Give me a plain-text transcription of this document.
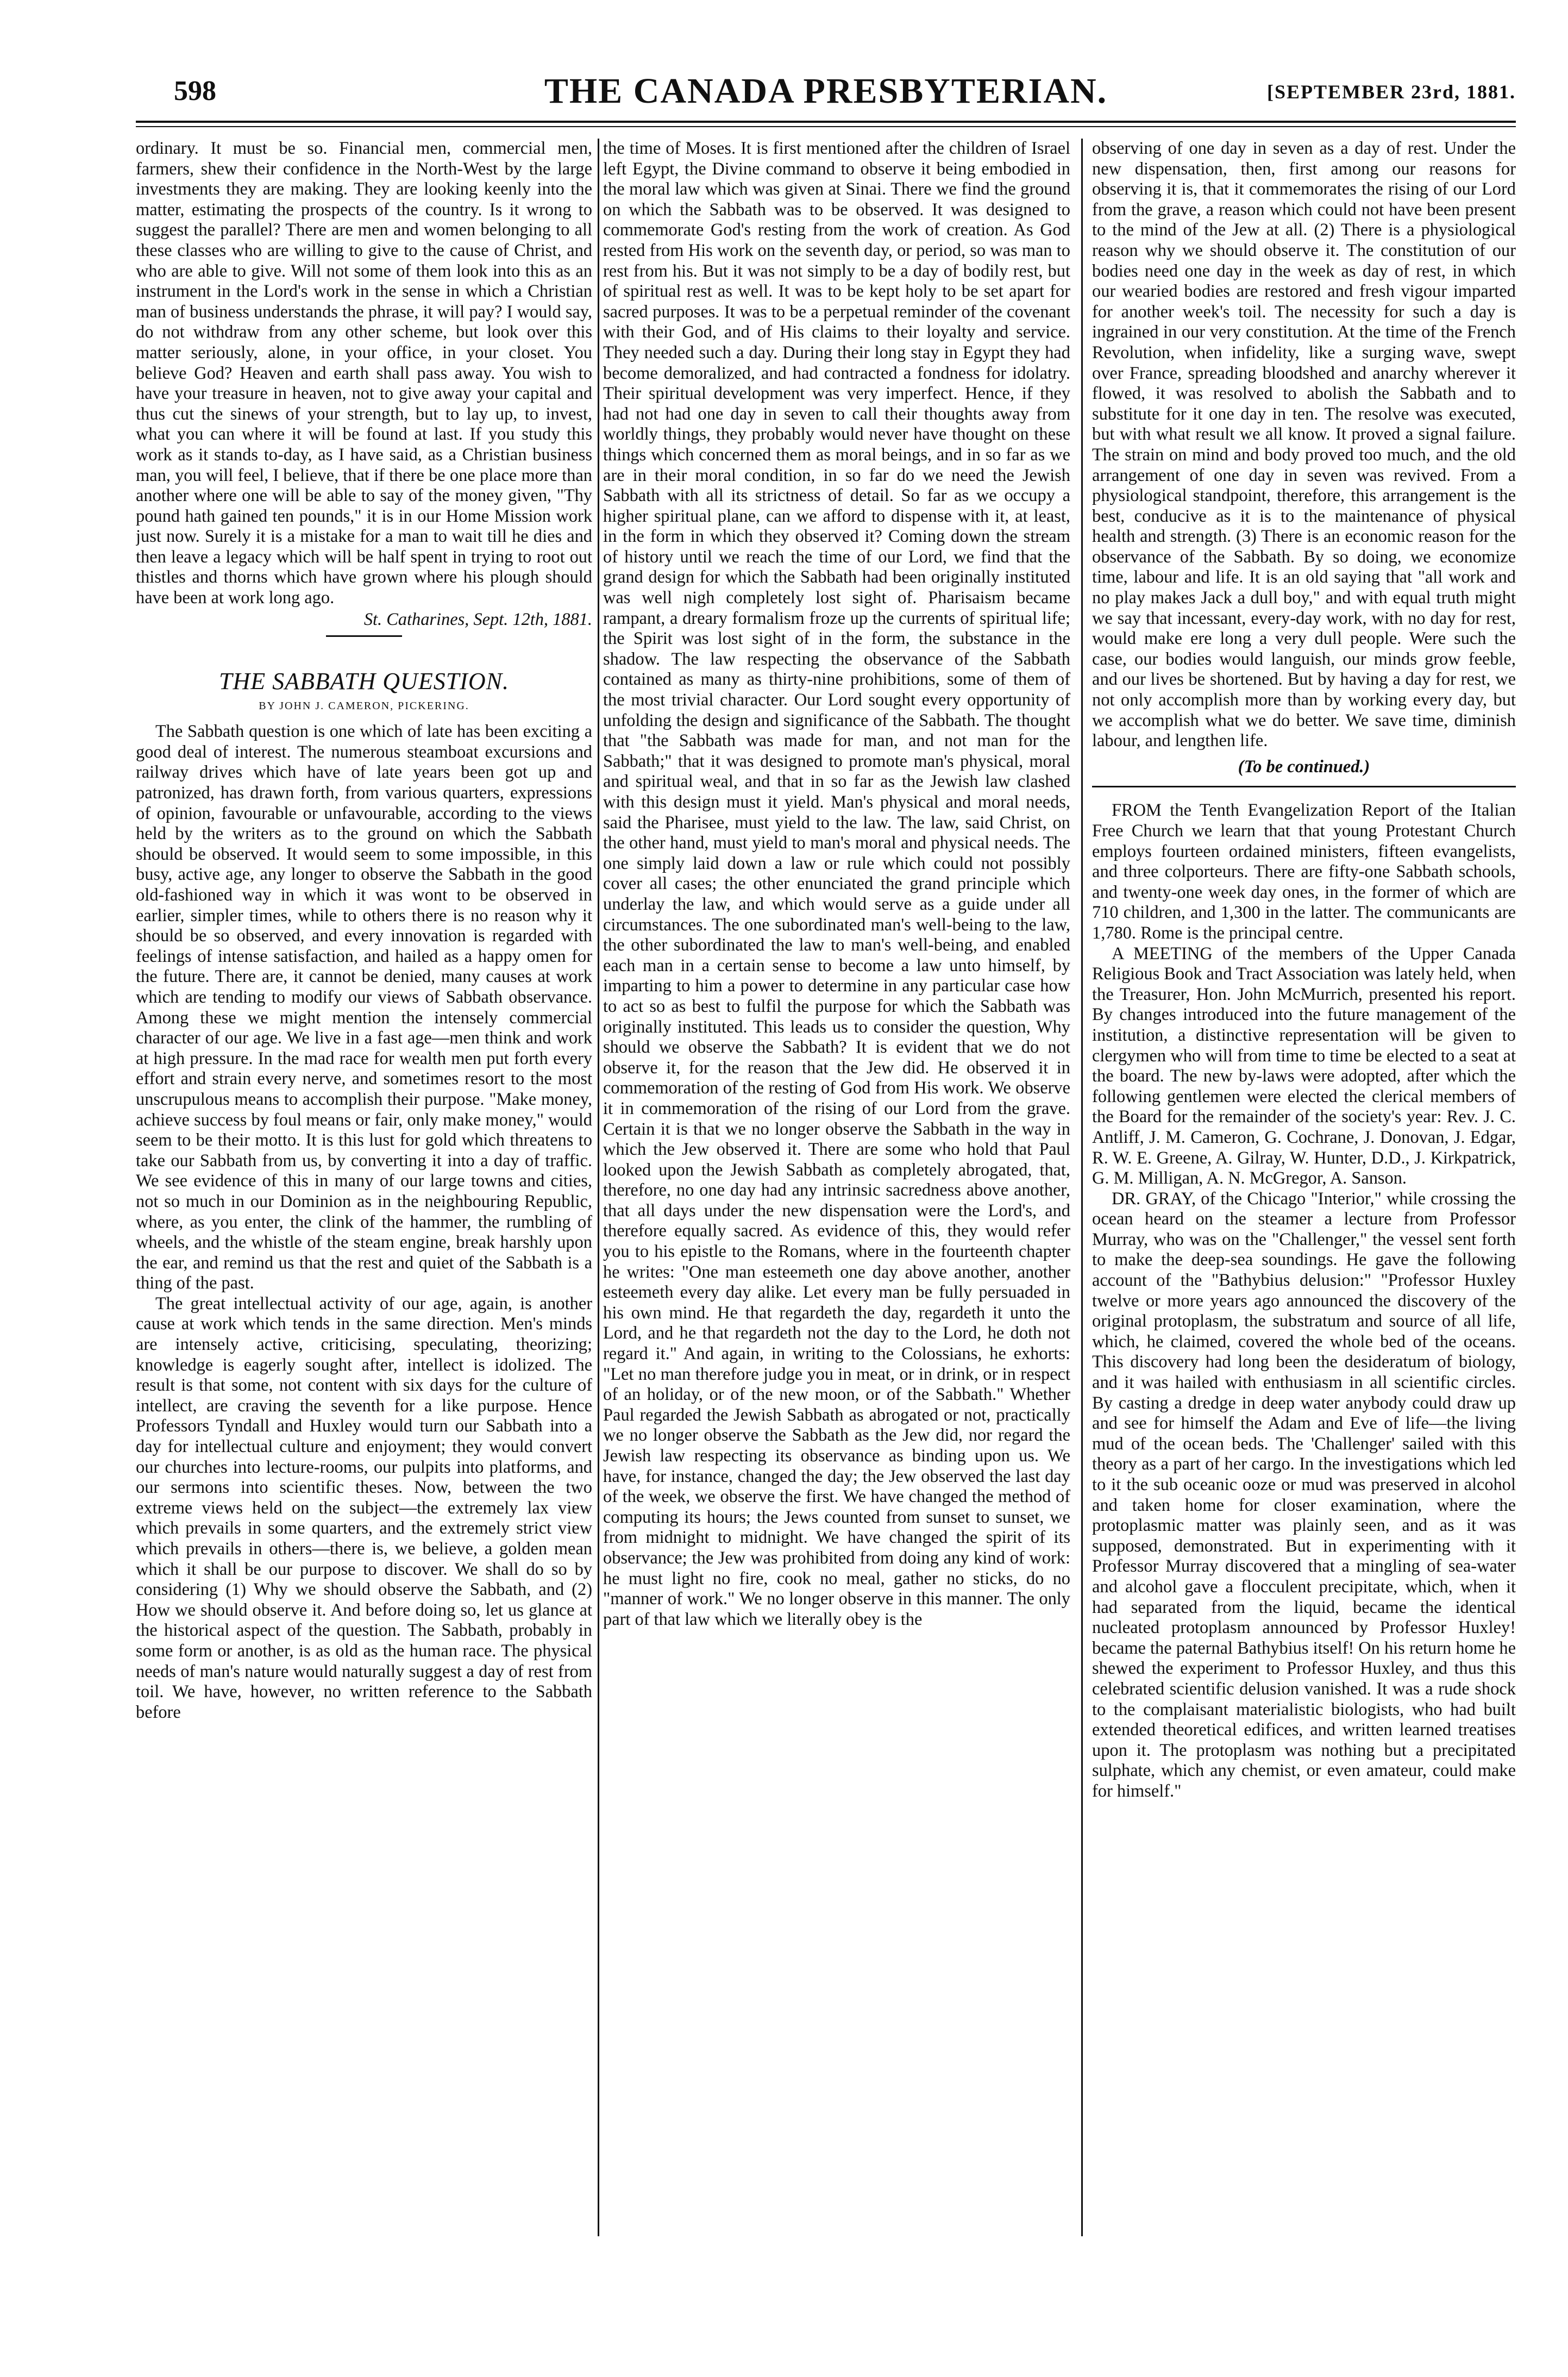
598	THE CANADA PRESBYTERIAN.	[SEPTEMBER 23rd, 1881.

ordinary. It must be so. Financial men, commercial men, farmers, shew their confidence in the North-West by the large investments they are making. They are looking keenly into the matter, estimating the prospects of the country. Is it wrong to suggest the parallel? There are men and women belonging to all these classes who are willing to give to the cause of Christ, and who are able to give. Will not some of them look into this as an instrument in the Lord's work in the sense in which a Christian man of business understands the phrase, it will pay? I would say, do not withdraw from any other scheme, but look over this matter seriously, alone, in your office, in your closet. You believe God? Heaven and earth shall pass away. You wish to have your treasure in heaven, not to give away your capital and thus cut the sinews of your strength, but to lay up, to invest, what you can where it will be found at last. If you study this work as it stands to-day, as I have said, as a Christian business man, you will feel, I believe, that if there be one place more than another where one will be able to say of the money given, "Thy pound hath gained ten pounds," it is in our Home Mission work just now. Surely it is a mistake for a man to wait till he dies and then leave a legacy which will be half spent in trying to root out thistles and thorns which have grown where his plough should have been at work long ago.

St. Catharines, Sept. 12th, 1881.
THE SABBATH QUESTION.
BY JOHN J. CAMERON, PICKERING.

The Sabbath question is one which of late has been exciting a good deal of interest. The numerous steamboat excursions and railway drives which have of late years been got up and patronized, has drawn forth, from various quarters, expressions of opinion, favourable or unfavourable, according to the views held by the writers as to the ground on which the Sabbath should be observed. It would seem to some impossible, in this busy, active age, any longer to observe the Sabbath in the good old-fashioned way in which it was wont to be observed in earlier, simpler times, while to others there is no reason why it should be so observed, and every innovation is regarded with feelings of intense satisfaction, and hailed as a happy omen for the future. There are, it cannot be denied, many causes at work which are tending to modify our views of Sabbath observance. Among these we might mention the intensely commercial character of our age. We live in a fast age—men think and work at high pressure. In the mad race for wealth men put forth every effort and strain every nerve, and sometimes resort to the most unscrupulous means to accomplish their purpose. "Make money, achieve success by foul means or fair, only make money," would seem to be their motto. It is this lust for gold which threatens to take our Sabbath from us, by converting it into a day of traffic. We see evidence of this in many of our large towns and cities, not so much in our Dominion as in the neighbouring Republic, where, as you enter, the clink of the hammer, the rumbling of wheels, and the whistle of the steam engine, break harshly upon the ear, and remind us that the rest and quiet of the Sabbath is a thing of the past.

The great intellectual activity of our age, again, is another cause at work which tends in the same direction. Men's minds are intensely active, criticising, speculating, theorizing; knowledge is eagerly sought after, intellect is idolized. The result is that some, not content with six days for the culture of intellect, are craving the seventh for a like purpose. Hence Professors Tyndall and Huxley would turn our Sabbath into a day for intellectual culture and enjoyment; they would convert our churches into lecture-rooms, our pulpits into platforms, and our sermons into scientific theses. Now, between the two extreme views held on the subject—the extremely lax view which prevails in some quarters, and the extremely strict view which prevails in others—there is, we believe, a golden mean which it shall be our purpose to discover. We shall do so by considering (1) Why we should observe the Sabbath, and (2) How we should observe it. And before doing so, let us glance at the historical aspect of the question. The Sabbath, probably in some form or another, is as old as the human race. The physical needs of man's nature would naturally suggest a day of rest from toil. We have, however, no written reference to the Sabbath before

the time of Moses. It is first mentioned after the children of Israel left Egypt, the Divine command to observe it being embodied in the moral law which was given at Sinai. There we find the ground on which the Sabbath was to be observed. It was designed to commemorate God's resting from the work of creation. As God rested from His work on the seventh day, or period, so was man to rest from his. But it was not simply to be a day of bodily rest, but of spiritual rest as well. It was to be kept holy to be set apart for sacred purposes. It was to be a perpetual reminder of the covenant with their God, and of His claims to their loyalty and service. They needed such a day. During their long stay in Egypt they had become demoralized, and had contracted a fondness for idolatry. Their spiritual development was very imperfect. Hence, if they had not had one day in seven to call their thoughts away from worldly things, they probably would never have thought on these things which concerned them as moral beings, and in so far as we are in their moral condition, in so far do we need the Jewish Sabbath with all its strictness of detail. So far as we occupy a higher spiritual plane, can we afford to dispense with it, at least, in the form in which they observed it? Coming down the stream of history until we reach the time of our Lord, we find that the grand design for which the Sabbath had been originally instituted was well nigh completely lost sight of. Pharisaism became rampant, a dreary formalism froze up the currents of spiritual life; the Spirit was lost sight of in the form, the substance in the shadow. The law respecting the observance of the Sabbath contained as many as thirty-nine prohibitions, some of them of the most trivial character. Our Lord sought every opportunity of unfolding the design and significance of the Sabbath. The thought that "the Sabbath was made for man, and not man for the Sabbath;" that it was designed to promote man's physical, moral and spiritual weal, and that in so far as the Jewish law clashed with this design must it yield. Man's physical and moral needs, said the Pharisee, must yield to the law. The law, said Christ, on the other hand, must yield to man's moral and physical needs. The one simply laid down a law or rule which could not possibly cover all cases; the other enunciated the grand principle which underlay the law, and which would serve as a guide under all circumstances. The one subordinated man's well-being to the law, the other subordinated the law to man's well-being, and enabled each man in a certain sense to become a law unto himself, by imparting to him a power to determine in any particular case how to act so as best to fulfil the purpose for which the Sabbath was originally instituted. This leads us to consider the question, Why should we observe the Sabbath? It is evident that we do not observe it, for the reason that the Jew did. He observed it in commemoration of the resting of God from His work. We observe it in commemoration of the rising of our Lord from the grave. Certain it is that we no longer observe the Sabbath in the way in which the Jew observed it. There are some who hold that Paul looked upon the Jewish Sabbath as completely abrogated, that, therefore, no one day had any intrinsic sacredness above another, that all days under the new dispensation were the Lord's, and therefore equally sacred. As evidence of this, they would refer you to his epistle to the Romans, where in the fourteenth chapter he writes: "One man esteemeth one day above another, another esteemeth every day alike. Let every man be fully persuaded in his own mind. He that regardeth the day, regardeth it unto the Lord, and he that regardeth not the day to the Lord, he doth not regard it." And again, in writing to the Colossians, he exhorts: "Let no man therefore judge you in meat, or in drink, or in respect of an holiday, or of the new moon, or of the Sabbath." Whether Paul regarded the Jewish Sabbath as abrogated or not, practically we no longer observe the Sabbath as the Jew did, nor regard the Jewish law respecting its observance as binding upon us. We have, for instance, changed the day; the Jew observed the last day of the week, we observe the first. We have changed the method of computing its hours; the Jews counted from sunset to sunset, we from midnight to midnight. We have changed the spirit of its observance; the Jew was prohibited from doing any kind of work: he must light no fire, cook no meal, gather no sticks, do no "manner of work." We no longer observe in this manner. The only part of that law which we literally obey is the

observing of one day in seven as a day of rest. Under the new dispensation, then, first among our reasons for observing it is, that it commemorates the rising of our Lord from the grave, a reason which could not have been present to the mind of the Jew at all. (2) There is a physiological reason why we should observe it. The constitution of our bodies need one day in the week as day of rest, in which our wearied bodies are restored and fresh vigour imparted for another week's toil. The necessity for such a day is ingrained in our very constitution. At the time of the French Revolution, when infidelity, like a surging wave, swept over France, spreading bloodshed and anarchy wherever it flowed, it was resolved to abolish the Sabbath and to substitute for it one day in ten. The resolve was executed, but with what result we all know. It proved a signal failure. The strain on mind and body proved too much, and the old arrangement of one day in seven was revived. From a physiological standpoint, therefore, this arrangement is the best, conducive as it is to the maintenance of physical health and strength. (3) There is an economic reason for the observance of the Sabbath. By so doing, we economize time, labour and life. It is an old saying that "all work and no play makes Jack a dull boy," and with equal truth might we say that incessant, every-day work, with no day for rest, would make ere long a very dull people. Were such the case, our bodies would languish, our minds grow feeble, and our lives be shortened. But by having a day for rest, we not only accomplish more than by working every day, but we accomplish what we do better. We save time, diminish labour, and lengthen life.

(To be continued.)

FROM the Tenth Evangelization Report of the Italian Free Church we learn that that young Protestant Church employs fourteen ordained ministers, fifteen evangelists, and three colporteurs. There are fifty-one Sabbath schools, and twenty-one week day ones, in the former of which are 710 children, and 1,300 in the latter. The communicants are 1,780. Rome is the principal centre.

A MEETING of the members of the Upper Canada Religious Book and Tract Association was lately held, when the Treasurer, Hon. John McMurrich, presented his report. By changes introduced into the future management of the institution, a distinctive representation will be given to clergymen who will from time to time be elected to a seat at the board. The new by-laws were adopted, after which the following gentlemen were elected the clerical members of the Board for the remainder of the society's year: Rev. J. C. Antliff, J. M. Cameron, G. Cochrane, J. Donovan, J. Edgar, R. W. E. Greene, A. Gilray, W. Hunter, D.D., J. Kirkpatrick, G. M. Milligan, A. N. McGregor, A. Sanson.

DR. GRAY, of the Chicago "Interior," while crossing the ocean heard on the steamer a lecture from Professor Murray, who was on the "Challenger," the vessel sent forth to make the deep-sea soundings. He gave the following account of the "Bathybius delusion:" "Professor Huxley twelve or more years ago announced the discovery of the original protoplasm, the substratum and source of all life, which, he claimed, covered the whole bed of the oceans. This discovery had long been the desideratum of biology, and it was hailed with enthusiasm in all scientific circles. By casting a dredge in deep water anybody could draw up and see for himself the Adam and Eve of life—the living mud of the ocean beds. The 'Challenger' sailed with this theory as a part of her cargo. In the investigations which led to it the sub oceanic ooze or mud was preserved in alcohol and taken home for closer examination, where the protoplasmic matter was plainly seen, and as it was supposed, demonstrated. But in experimenting with it Professor Murray discovered that a mingling of sea-water and alcohol gave a flocculent precipitate, which, when it had separated from the liquid, became the identical nucleated protoplasm announced by Professor Huxley! became the paternal Bathybius itself! On his return home he shewed the experiment to Professor Huxley, and thus this celebrated scientific delusion vanished. It was a rude shock to the complaisant materialistic biologists, who had built extended theoretical edifices, and written learned treatises upon it. The protoplasm was nothing but a precipitated sulphate, which any chemist, or even amateur, could make for himself."
